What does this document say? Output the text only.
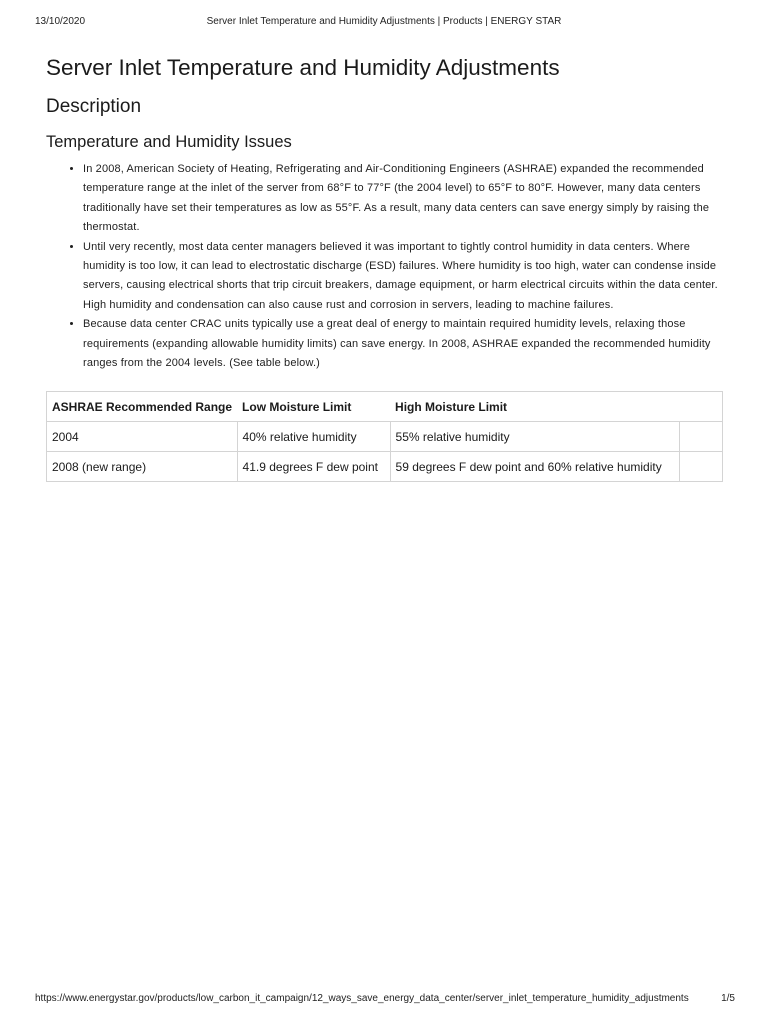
13/10/2020	Server Inlet Temperature and Humidity Adjustments | Products | ENERGY STAR
Server Inlet Temperature and Humidity Adjustments
Description
Temperature and Humidity Issues
• In 2008, American Society of Heating, Refrigerating and Air-Conditioning Engineers (ASHRAE) expanded the recommended temperature range at the inlet of the server from 68°F to 77°F (the 2004 level) to 65°F to 80°F. However, many data centers traditionally have set their temperatures as low as 55°F. As a result, many data centers can save energy simply by raising the thermostat.
• Until very recently, most data center managers believed it was important to tightly control humidity in data centers. Where humidity is too low, it can lead to electrostatic discharge (ESD) failures. Where humidity is too high, water can condense inside servers, causing electrical shorts that trip circuit breakers, damage equipment, or harm electrical circuits within the data center. High humidity and condensation can also cause rust and corrosion in servers, leading to machine failures.
• Because data center CRAC units typically use a great deal of energy to maintain required humidity levels, relaxing those requirements (expanding allowable humidity limits) can save energy. In 2008, ASHRAE expanded the recommended humidity ranges from the 2004 levels. (See table below.)
ASHRAE Recommended Range	Low Moisture Limit	High Moisture Limit	
2004	40% relative humidity	55% relative humidity	
2008 (new range)	41.9 degrees F dew point	59 degrees F dew point and 60% relative humidity	
https://www.energystar.gov/products/low_carbon_it_campaign/12_ways_save_energy_data_center/server_inlet_temperature_humidity_adjustments	1/5
